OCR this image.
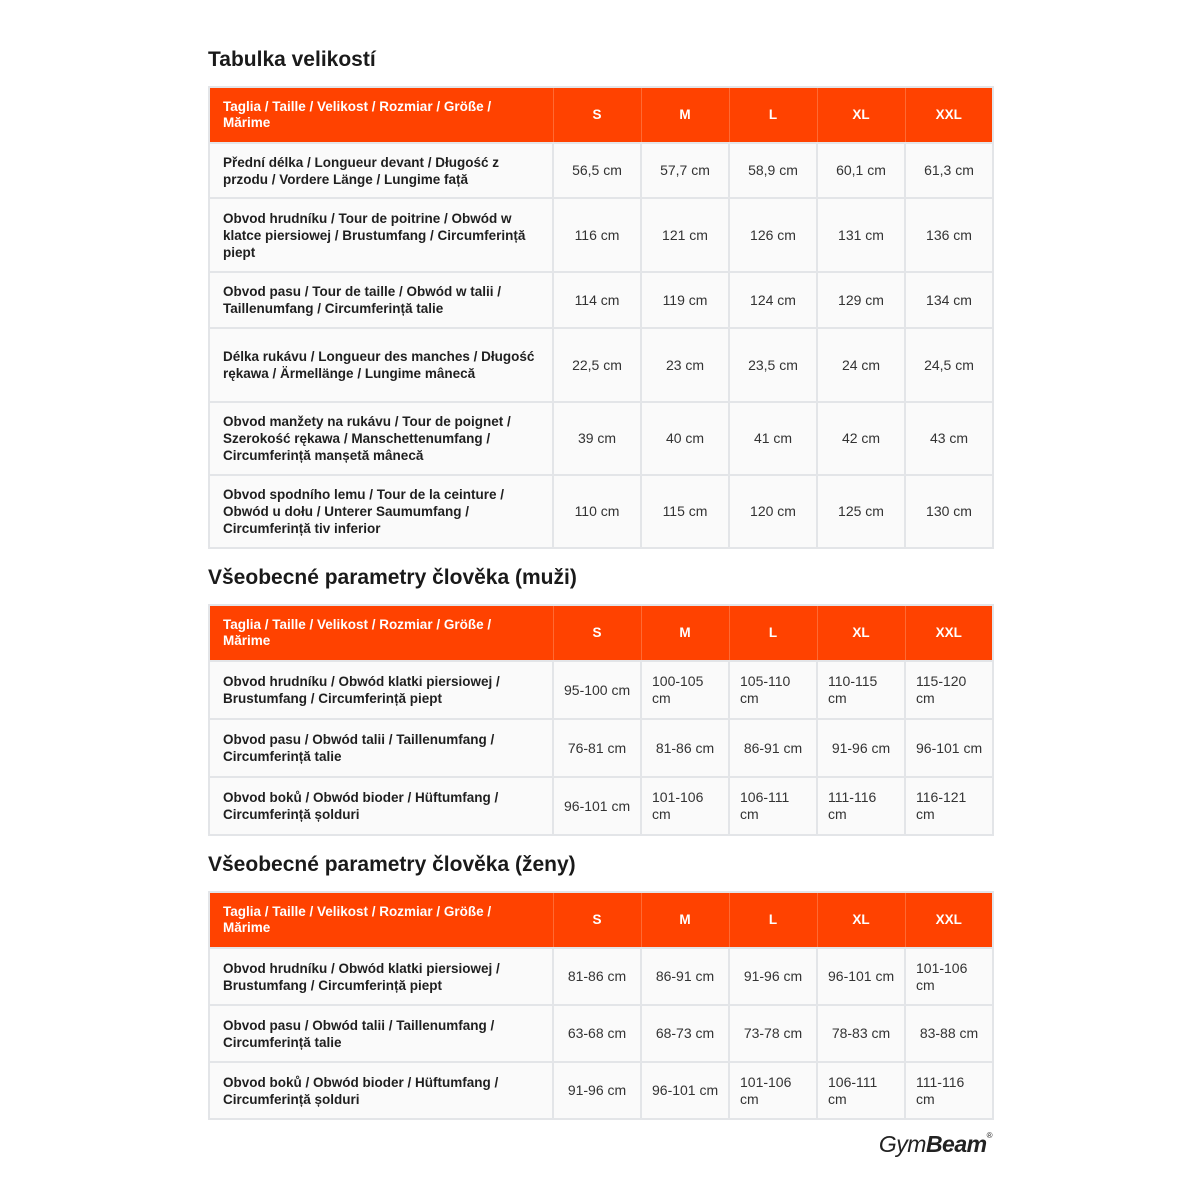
Tabulka velikostí
Taglia / Taille / Velikost / Rozmiar / Größe / Mărime	S	M	L	XL	XXL
Přední délka / Longueur devant / Długość z przodu / Vordere Länge / Lungime față	56,5 cm	57,7 cm	58,9 cm	60,1 cm	61,3 cm
Obvod hrudníku / Tour de poitrine / Obwód w klatce piersiowej / Brustumfang / Circumferință piept	116 cm	121 cm	126 cm	131 cm	136 cm
Obvod pasu / Tour de taille / Obwód w talii / Taillenumfang / Circumferință talie	114 cm	119 cm	124 cm	129 cm	134 cm
Délka rukávu / Longueur des manches / Długość rękawa / Ärmellänge / Lungime mânecă	22,5 cm	23 cm	23,5 cm	24 cm	24,5 cm
Obvod manžety na rukávu / Tour de poignet / Szerokość rękawa / Manschettenumfang / Circumferință manșetă mânecă	39 cm	40 cm	41 cm	42 cm	43 cm
Obvod spodního lemu / Tour de la ceinture / Obwód u dołu / Unterer Saumumfang / Circumferință tiv inferior	110 cm	115 cm	120 cm	125 cm	130 cm
Všeobecné parametry člověka (muži)
Taglia / Taille / Velikost / Rozmiar / Größe / Mărime	S	M	L	XL	XXL
Obvod hrudníku / Obwód klatki piersiowej / Brustumfang / Circumferință piept	95-100 cm	100-105 cm	105-110 cm	110-115 cm	115-120 cm
Obvod pasu / Obwód talii / Taillenumfang / Circumferință talie	76-81 cm	81-86 cm	86-91 cm	91-96 cm	96-101 cm
Obvod boků / Obwód bioder / Hüftumfang / Circumferință șolduri	96-101 cm	101-106 cm	106-111 cm	111-116 cm	116-121 cm
Všeobecné parametry člověka (ženy)
Taglia / Taille / Velikost / Rozmiar / Größe / Mărime	S	M	L	XL	XXL
Obvod hrudníku / Obwód klatki piersiowej / Brustumfang / Circumferință piept	81-86 cm	86-91 cm	91-96 cm	96-101 cm	101-106 cm
Obvod pasu / Obwód talii / Taillenumfang / Circumferință talie	63-68 cm	68-73 cm	73-78 cm	78-83 cm	83-88 cm
Obvod boků / Obwód bioder / Hüftumfang / Circumferință șolduri	91-96 cm	96-101 cm	101-106 cm	106-111 cm	111-116 cm
GymBeam®
